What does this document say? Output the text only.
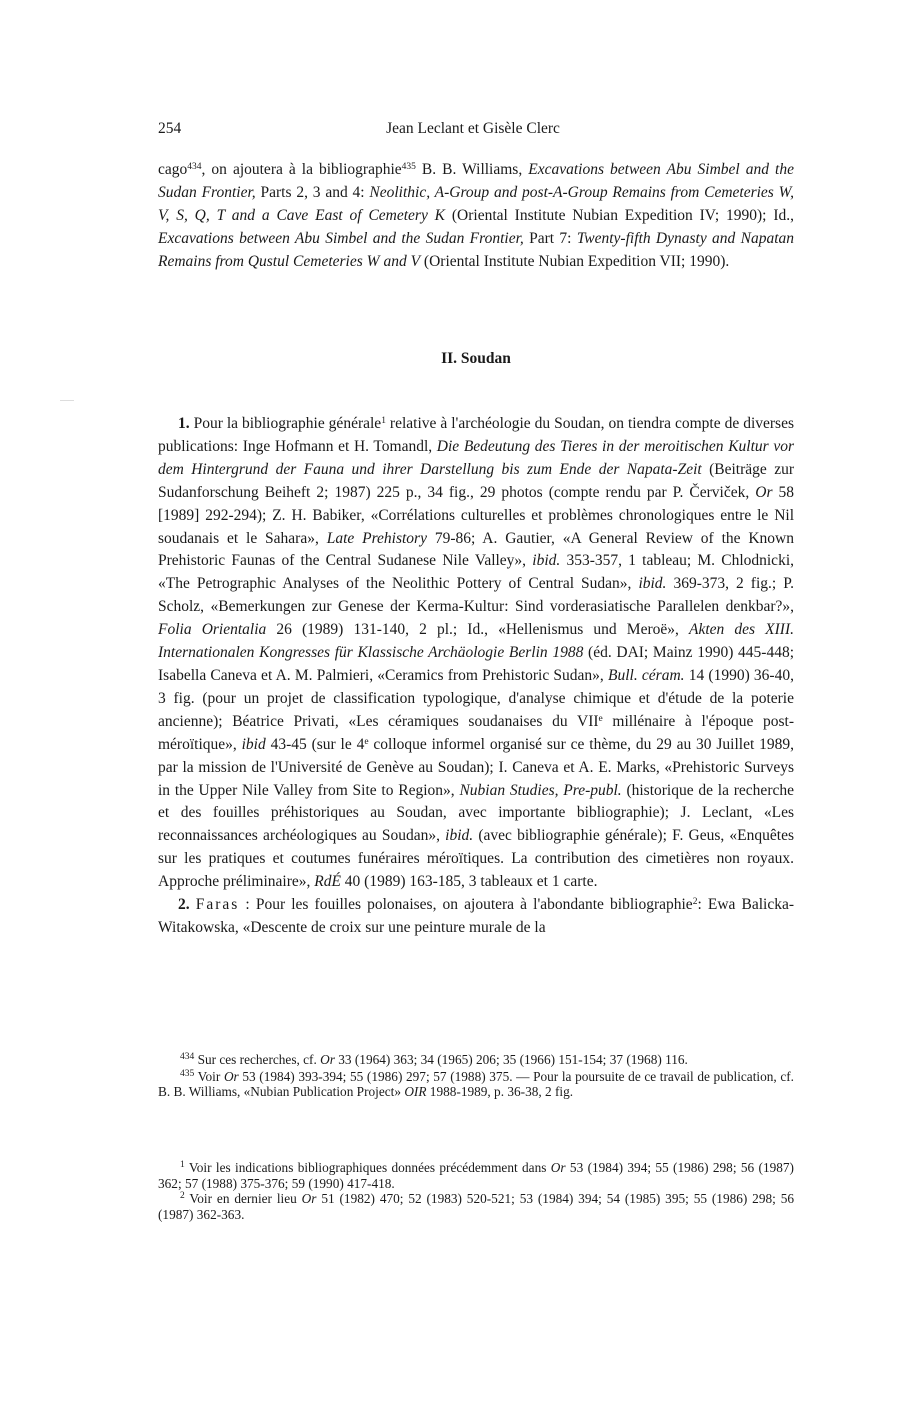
254	Jean Leclant et Gisèle Clerc
cago$^{434}$, on ajoutera à la bibliographie$^{435}$ B. B. Williams, Excavations between Abu Simbel and the Sudan Frontier, Parts 2, 3 and 4: Neolithic, A-Group and post-A-Group Remains from Cemeteries W, V, S, Q, T and a Cave East of Cemetery K (Oriental Institute Nubian Expedition IV; 1990); Id., Excavations between Abu Simbel and the Sudan Frontier, Part 7: Twenty-fifth Dynasty and Napatan Remains from Qustul Cemeteries W and V (Oriental Institute Nubian Expedition VII; 1990).
II. Soudan

1. Pour la bibliographie générale$^1$ relative à l'archéologie du Soudan, on tiendra compte de diverses publications: Inge Hofmann et H. Tomandl, Die Bedeutung des Tieres in der meroitischen Kultur vor dem Hintergrund der Fauna und ihrer Darstellung bis zum Ende der Napata-Zeit (Beiträge zur Sudanforschung Beiheft 2; 1987) 225 p., 34 fig., 29 photos (compte rendu par P. Červiček, Or 58 [1989] 292-294); Z. H. Babiker, «Corrélations culturelles et problèmes chronologiques entre le Nil soudanais et le Sahara», Late Prehistory 79-86; A. Gautier, «A General Review of the Known Prehistoric Faunas of the Central Sudanese Nile Valley», ibid. 353-357, 1 tableau; M. Chlodnicki, «The Petrographic Analyses of the Neolithic Pottery of Central Sudan», ibid. 369-373, 2 fig.; P. Scholz, «Bemerkungen zur Genese der Kerma-Kultur: Sind vorderasiatische Parallelen denkbar?», Folia Orientalia 26 (1989) 131-140, 2 pl.; Id., «Hellenismus und Meroë», Akten des XIII. Internationalen Kongresses für Klassische Archäologie Berlin 1988 (éd. DAI; Mainz 1990) 445-448; Isabella Caneva et A. M. Palmieri, «Ceramics from Prehistoric Sudan», Bull. céram. 14 (1990) 36-40, 3 fig. (pour un projet de classification typologique, d'analyse chimique et d'étude de la poterie ancienne); Béatrice Privati, «Les céramiques soudanaises du VIIe millénaire à l'époque post-méroïtique», ibid 43-45 (sur le 4e colloque informel organisé sur ce thème, du 29 au 30 Juillet 1989, par la mission de l'Université de Genève au Soudan); I. Caneva et A. E. Marks, «Prehistoric Surveys in the Upper Nile Valley from Site to Region», Nubian Studies, Pre-publ. (historique de la recherche et des fouilles préhistoriques au Soudan, avec importante bibliographie); J. Leclant, «Les reconnaissances archéologiques au Soudan», ibid. (avec bibliographie générale); F. Geus, «Enquêtes sur les pratiques et coutumes funéraires méroïtiques. La contribution des cimetières non royaux. Approche préliminaire», RdÉ 40 (1989) 163-185, 3 tableaux et 1 carte.

2. Faras : Pour les fouilles polonaises, on ajoutera à l'abondante bibliographie$^2$: Ewa Balicka-Witakowska, «Descente de croix sur une peinture murale de la

$^{434}$ Sur ces recherches, cf. Or 33 (1964) 363; 34 (1965) 206; 35 (1966) 151-154; 37 (1968) 116.

$^{435}$ Voir Or 53 (1984) 393-394; 55 (1986) 297; 57 (1988) 375. — Pour la poursuite de ce travail de publication, cf. B. B. Williams, «Nubian Publication Project» OIR 1988-1989, p. 36-38, 2 fig.

$^1$ Voir les indications bibliographiques données précédemment dans Or 53 (1984) 394; 55 (1986) 298; 56 (1987) 362; 57 (1988) 375-376; 59 (1990) 417-418.

$^2$ Voir en dernier lieu Or 51 (1982) 470; 52 (1983) 520-521; 53 (1984) 394; 54 (1985) 395; 55 (1986) 298; 56 (1987) 362-363.
